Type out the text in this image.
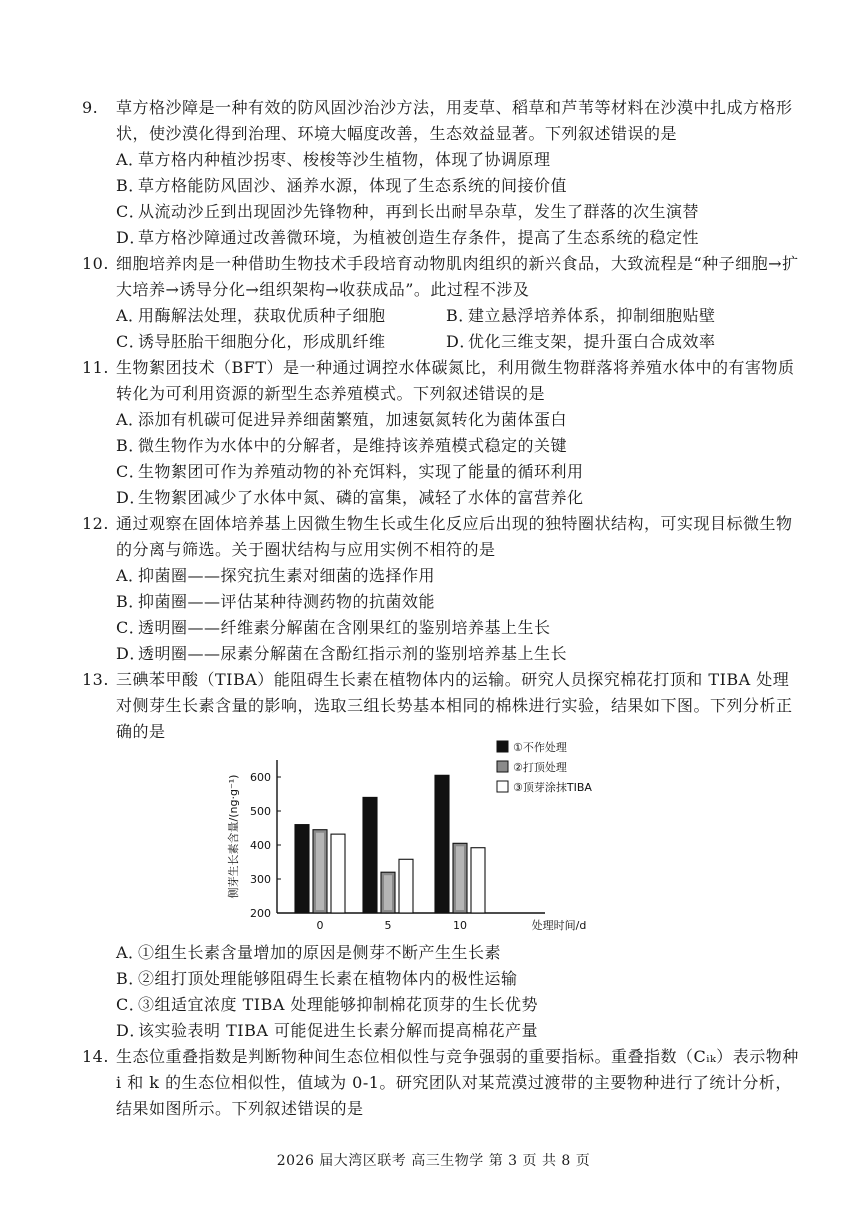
9. 草方格沙障是一种有效的防风固沙治沙方法，用麦草、稻草和芦苇等材料在沙漠中扎成方格形状，使沙漠化得到治理、环境大幅度改善，生态效益显著。下列叙述错误的是
A．草方格内种植沙拐枣、梭梭等沙生植物，体现了协调原理
B．草方格能防风固沙、涵养水源，体现了生态系统的间接价值
C．从流动沙丘到出现固沙先锋物种，再到长出耐旱杂草，发生了群落的次生演替
D．草方格沙障通过改善微环境，为植被创造生存条件，提高了生态系统的稳定性
10. 细胞培养肉是一种借助生物技术手段培育动物肌肉组织的新兴食品，大致流程是“种子细胞→扩大培养→诱导分化→组织架构→收获成品”。此过程不涉及
A．用酶解法处理，获取优质种子细胞	B．建立悬浮培养体系，抑制细胞贴壁
C．诱导胚胎干细胞分化，形成肌纤维	D．优化三维支架，提升蛋白合成效率
11. 生物絮团技术（BFT）是一种通过调控水体碳氮比，利用微生物群落将养殖水体中的有害物质转化为可利用资源的新型生态养殖模式。下列叙述错误的是
A．添加有机碳可促进异养细菌繁殖，加速氨氮转化为菌体蛋白
B．微生物作为水体中的分解者，是维持该养殖模式稳定的关键
C．生物絮团可作为养殖动物的补充饵料，实现了能量的循环利用
D．生物絮团减少了水体中氮、磷的富集，减轻了水体的富营养化
12. 通过观察在固体培养基上因微生物生长或生化反应后出现的独特圈状结构，可实现目标微生物的分离与筛选。关于圈状结构与应用实例不相符的是
A．抑菌圈——探究抗生素对细菌的选择作用
B．抑菌圈——评估某种待测药物的抗菌效能
C．透明圈——纤维素分解菌在含刚果红的鉴别培养基上生长
D．透明圈——尿素分解菌在含酚红指示剂的鉴别培养基上生长
13. 三碘苯甲酸（TIBA）能阻碍生长素在植物体内的运输。研究人员探究棉花打顶和 TIBA 处理对侧芽生长素含量的影响，选取三组长势基本相同的棉株进行实验，结果如下图。下列分析正确的是
200
300
400
500
600
侧芽生长素含量/(ng·g⁻¹)
0	5	10	处理时间/d
①不作处理
②打顶处理
③顶芽涂抹TIBA
A．①组生长素含量增加的原因是侧芽不断产生生长素
B．②组打顶处理能够阻碍生长素在植物体内的极性运输
C．③组适宜浓度 TIBA 处理能够抑制棉花顶芽的生长优势
D．该实验表明 TIBA 可能促进生长素分解而提高棉花产量
14. 生态位重叠指数是判断物种间生态位相似性与竞争强弱的重要指标。重叠指数（Cᵢₖ）表示物种 i 和 k 的生态位相似性，值域为 0-1。研究团队对某荒漠过渡带的主要物种进行了统计分析，结果如图所示。下列叙述错误的是
2026 届大湾区联考 高三生物学 第 3 页 共 8 页
